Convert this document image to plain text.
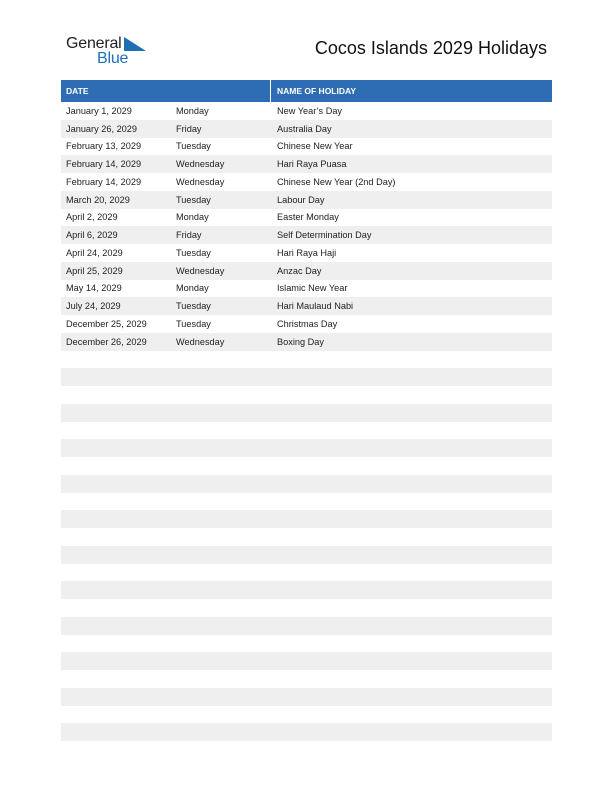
General
Blue
Cocos Islands 2029 Holidays
DATE	NAME OF HOLIDAY
January 1, 2029	Monday	New Year’s Day
January 26, 2029	Friday	Australia Day
February 13, 2029	Tuesday	Chinese New Year
February 14, 2029	Wednesday	Hari Raya Puasa
February 14, 2029	Wednesday	Chinese New Year (2nd Day)
March 20, 2029	Tuesday	Labour Day
April 2, 2029	Monday	Easter Monday
April 6, 2029	Friday	Self Determination Day
April 24, 2029	Tuesday	Hari Raya Haji
April 25, 2029	Wednesday	Anzac Day
May 14, 2029	Monday	Islamic New Year
July 24, 2029	Tuesday	Hari Maulaud Nabi
December 25, 2029	Tuesday	Christmas Day
December 26, 2029	Wednesday	Boxing Day
